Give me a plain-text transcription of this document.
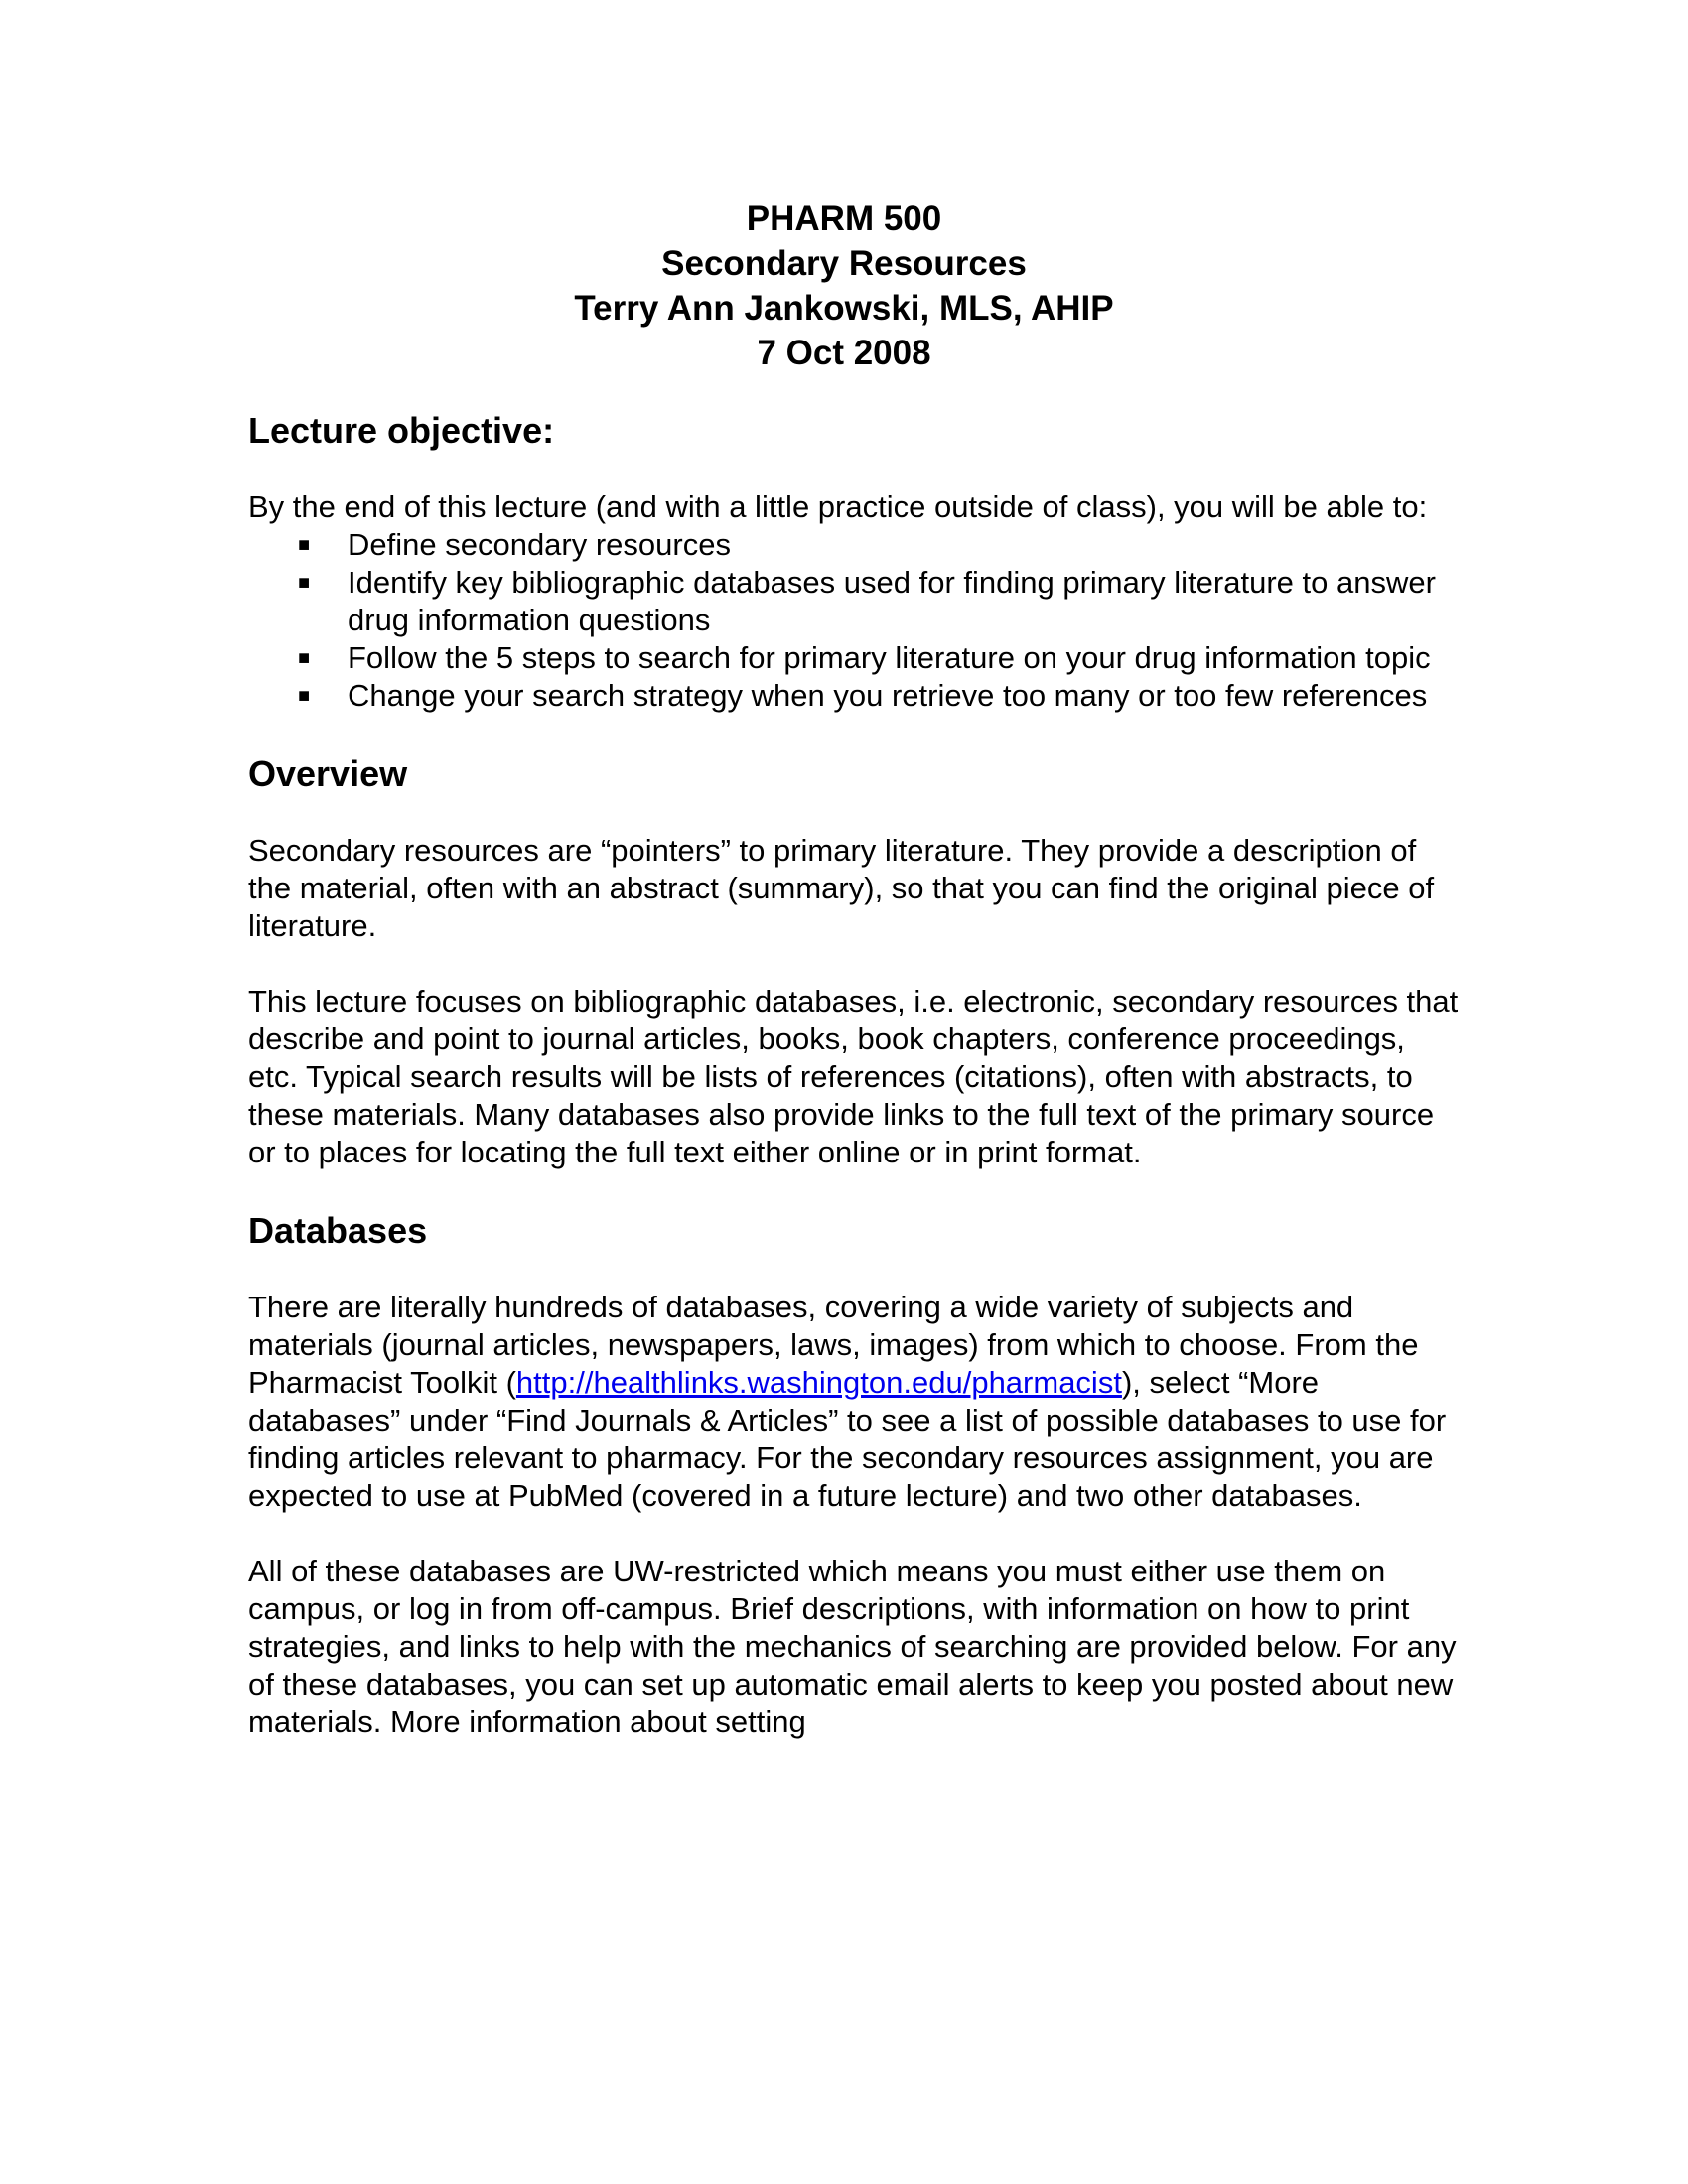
PHARM 500
Secondary Resources
Terry Ann Jankowski, MLS, AHIP
7 Oct 2008
Lecture objective:

By the end of this lecture (and with a little practice outside of class), you will be able to:

■ Define secondary resources
■ Identify key bibliographic databases used for finding primary literature to answer drug information questions
■ Follow the 5 steps to search for primary literature on your drug information topic
■ Change your search strategy when you retrieve too many or too few references
Overview

Secondary resources are “pointers” to primary literature. They provide a description of the material, often with an abstract (summary), so that you can find the original piece of literature.

This lecture focuses on bibliographic databases, i.e. electronic, secondary resources that describe and point to journal articles, books, book chapters, conference proceedings, etc. Typical search results will be lists of references (citations), often with abstracts, to these materials. Many databases also provide links to the full text of the primary source or to places for locating the full text either online or in print format.

Databases

There are literally hundreds of databases, covering a wide variety of subjects and materials (journal articles, newspapers, laws, images) from which to choose. From the Pharmacist Toolkit (http://healthlinks.washington.edu/pharmacist), select “More databases” under “Find Journals & Articles” to see a list of possible databases to use for finding articles relevant to pharmacy. For the secondary resources assignment, you are expected to use at PubMed (covered in a future lecture) and two other databases.

All of these databases are UW-restricted which means you must either use them on campus, or log in from off-campus. Brief descriptions, with information on how to print strategies, and links to help with the mechanics of searching are provided below. For any of these databases, you can set up automatic email alerts to keep you posted about new materials. More information about setting
